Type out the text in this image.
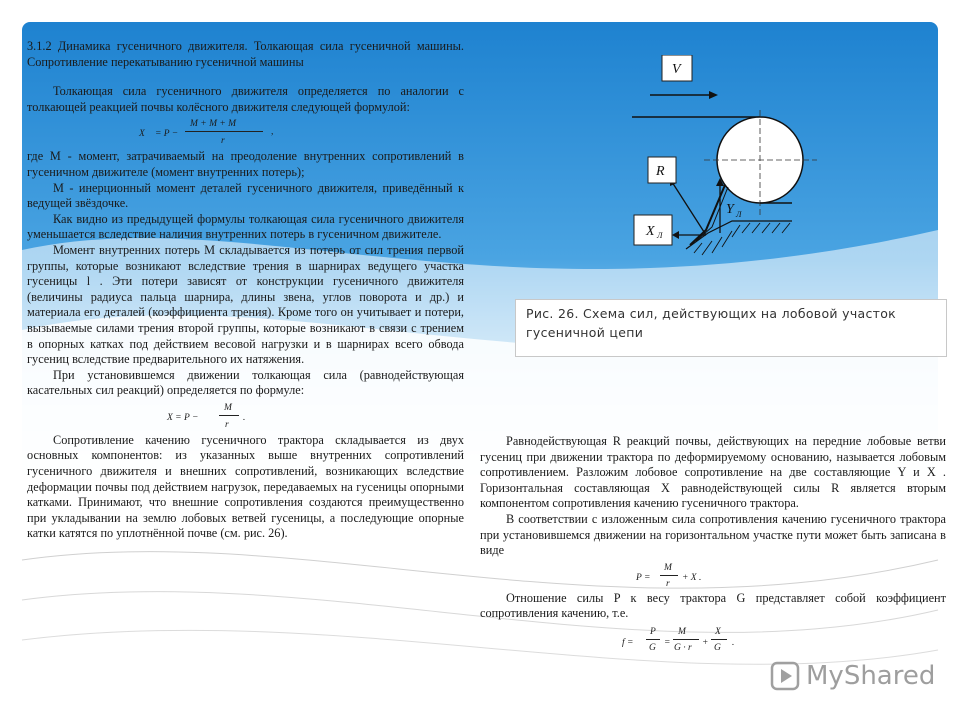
3.1.2 Динамика гусеничного движителя. Толкающая сила гусеничной машины. Сопротивление перекатыванию гусеничной машины

Толкающая сила гусеничного движителя определяется по аналогии с толкающей реакцией почвы колёсного движителя следующей формулой:

X = P −
M + M + M
r
,

где M - момент, затрачиваемый на преодоление внутренних сопротивлений в гусеничном движителе (момент внутренних потерь);

M - инерционный момент деталей гусеничного движителя, приведённый к ведущей звёздочке.

Как видно из предыдущей формулы толкающая сила гусеничного движителя уменьшается вследствие наличия внутренних потерь в гусеничном движителе.

Момент внутренних потерь M складывается из потерь от сил трения первой группы, которые возникают вследствие трения в шарнирах ведущего участка гусеницы l . Эти потери зависят от конструкции гусеничного движителя (величины радиуса пальца шарнира, длины звена, углов поворота и др.) и материала его деталей (коэффициента трения). Кроме того он учитывает и потери, вызываемые силами трения второй группы, которые возникают в связи с трением в опорных катках под действием весовой нагрузки и в шарнирах всего обвода гусениц вследствие предварительного их натяжения.

При установившемся движении толкающая сила (равнодействующая касательных сил реакций) определяется по формуле:

X = P −
M
r
.

Сопротивление качению гусеничного трактора складывается из двух основных компонентов: из указанных выше внутренних сопротивлений гусеничного движителя и внешних сопротивлений, возникающих вследствие деформации почвы под действием нагрузок, передаваемых на гусеницы опорными катками. Принимают, что внешние сопротивления создаются преимущественно при укладывании на землю лобовых ветвей гусеницы, а последующие опорные катки катятся по уплотнённой почве (см. рис. 26).

V
R
Y Л
X Л
Рис. 26. Схема сил, действующих на лобовой участок гусеничной цепи

Равнодействующая R реакций почвы, действующих на передние лобовые ветви гусениц при движении трактора по деформируемому основанию, называется лобовым сопротивлением. Разложим лобовое сопротивление на две составляющие Y и X . Горизонтальная составляющая X равнодействующей силы R является вторым компонентом сопротивления качению гусеничного трактора.

В соответствии с изложенным сила сопротивления качению гусеничного трактора при установившемся движении на горизонтальном участке пути может быть записана в виде

P =
M
r
+ X .

Отношение силы P к весу трактора G представляет собой коэффициент сопротивления качению, т.е.

f =
P
G =
M
G · r +
X
G .
MyShared
